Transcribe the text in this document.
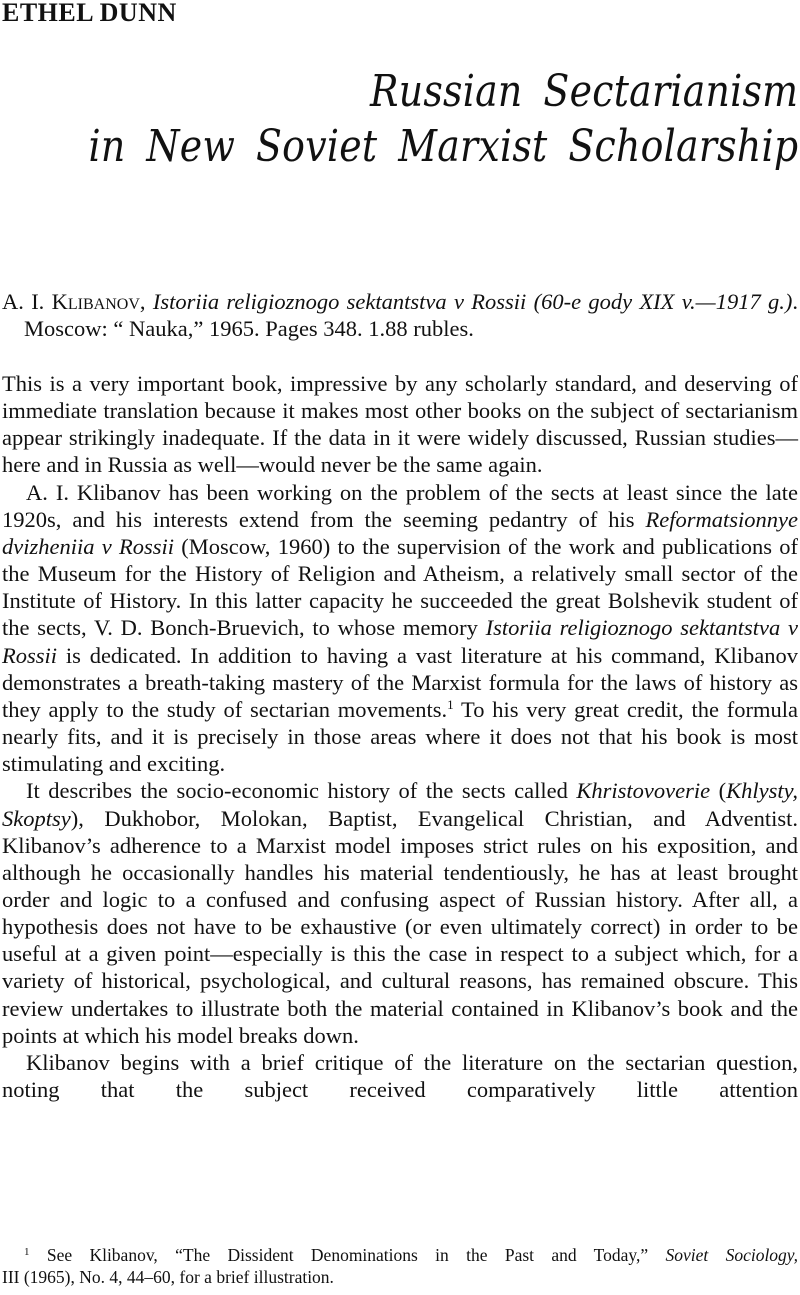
ETHEL DUNN
Russian Sectarianism
in New Soviet Marxist Scholarship

A. I. Klibanov, Istoriia religioznogo sektantstva v Rossii (60-e gody XIX v.—1917 g.). Moscow: “ Nauka,” 1965. Pages 348. 1.88 rubles.

This is a very important book, impressive by any scholarly standard, and deserving of immediate translation because it makes most other books on the subject of sectarianism appear strikingly inadequate. If the data in it were widely discussed, Russian studies—here and in Russia as well—would never be the same again.

A. I. Klibanov has been working on the problem of the sects at least since the late 1920s, and his interests extend from the seeming pedantry of his Reformatsionnye dvizheniia v Rossii (Moscow, 1960) to the supervision of the work and publications of the Museum for the History of Religion and Atheism, a relatively small sector of the Institute of History. In this latter capacity he succeeded the great Bolshevik student of the sects, V. D. Bonch-Bruevich, to whose memory Istoriia religioznogo sektantstva v Rossii is dedicated. In addition to having a vast literature at his command, Klibanov demonstrates a breath-taking mastery of the Marxist formula for the laws of history as they apply to the study of sectarian movements.$^1$ To his very great credit, the formula nearly fits, and it is precisely in those areas where it does not that his book is most stimulating and exciting.

It describes the socio-economic history of the sects called Khristovoverie (Khlysty, Skoptsy), Dukhobor, Molokan, Baptist, Evangelical Christian, and Adventist. Klibanov’s adherence to a Marxist model imposes strict rules on his exposition, and although he occasionally handles his material tendentiously, he has at least brought order and logic to a confused and confusing aspect of Russian history. After all, a hypothesis does not have to be exhaustive (or even ultimately correct) in order to be useful at a given point—especially is this the case in respect to a subject which, for a variety of historical, psychological, and cultural reasons, has remained obscure. This review undertakes to illustrate both the material contained in Klibanov’s book and the points at which his model breaks down.

Klibanov begins with a brief critique of the literature on the sectarian question, noting that the subject received comparatively little attention

$^1$ See Klibanov, “The Dissident Denominations in the Past and Today,” Soviet Sociology,
III (1965), No. 4, 44–60, for a brief illustration.
